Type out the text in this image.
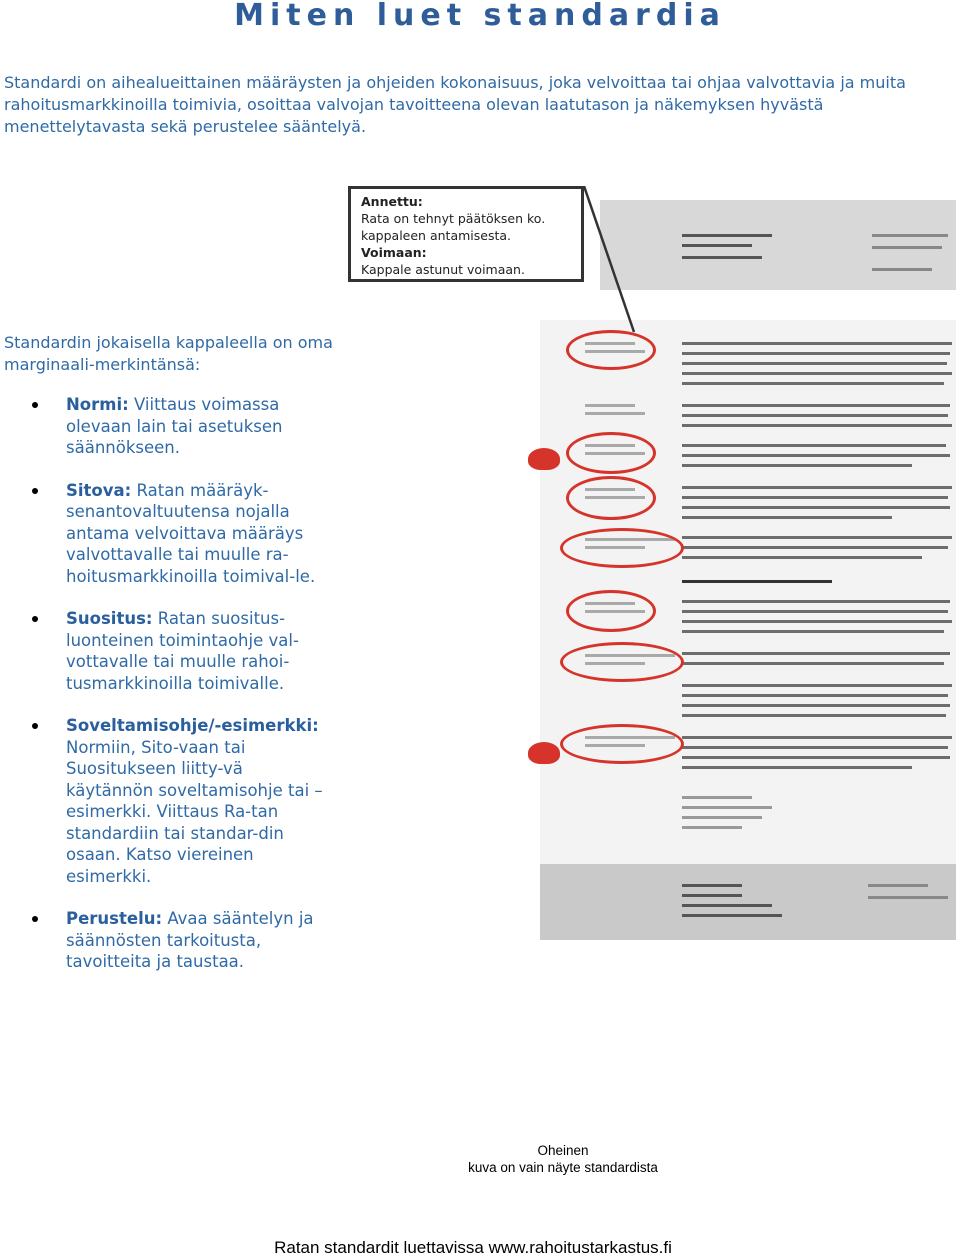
Miten luet standardia

Standardi on aihealueittainen määräysten ja ohjeiden kokonaisuus, joka velvoittaa tai ohjaa valvottavia ja muita rahoitusmarkkinoilla toimivia, osoittaa valvojan tavoitteena olevan laatutason ja näkemyksen hyvästä menettelytavasta sekä perustelee sääntelyä.

Standardin jokaisella kappaleella on oma marginaali-merkintänsä:

Normi: Viittaus voimassa olevaan lain tai asetuksen säännökseen.
Sitova: Ratan määräyk-senantovaltuutensa nojalla antama velvoittava määräys valvottavalle tai muulle ra-hoitusmarkkinoilla toimival-le.
Suositus: Ratan suositus-luonteinen toimintaohje val-vottavalle tai muulle rahoi-tusmarkkinoilla toimivalle.
Soveltamisohje/-esimerkki: Normiin, Sito-vaan tai Suositukseen liitty-vä käytännön soveltamisohje tai – esimerkki. Viittaus Ra-tan standardiin tai standar-din osaan. Katso viereinen esimerkki.
Perustelu: Avaa sääntelyn ja säännösten tarkoitusta, tavoitteita ja taustaa.
Annettu:
Rata on tehnyt päätöksen ko. kappaleen antamisesta.
Voimaan:
Kappale astunut voimaan.
Oheinen
kuva on vain näyte standardista
Ratan standardit luettavissa www.rahoitustarkastus.fi
